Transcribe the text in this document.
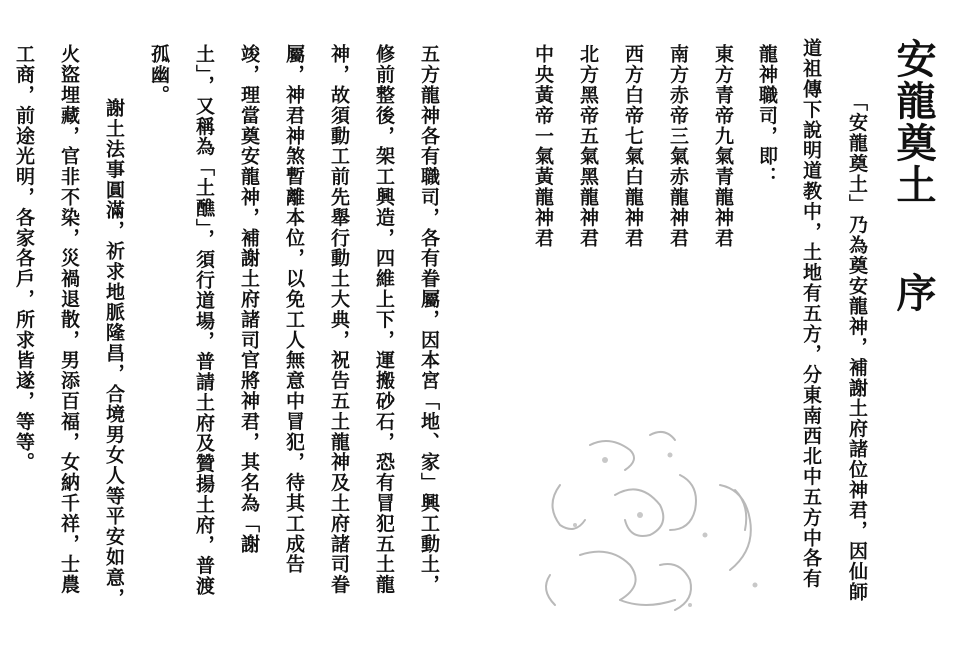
安龍奠土
序
「安龍奠土」乃為奠安龍神，補謝土府諸位神君，因仙師
道祖傳下說明道教中，土地有五方，分東南西北中五方中各有
龍神職司，即：
東方青帝九氣青龍神君
南方赤帝三氣赤龍神君
西方白帝七氣白龍神君
北方黑帝五氣黑龍神君
中央黃帝一氣黃龍神君
五方龍神各有職司，各有眷屬，因本宮「地、家」興工動土，
修前整後，架工興造，四維上下，運搬砂石，恐有冒犯五土龍
神，故須動工前先舉行動土大典，祝告五土龍神及土府諸司眷
屬，神君神煞暫離本位，以免工人無意中冒犯，待其工成告
竣，理當奠安龍神，補謝土府諸司官將神君，其名為「謝
土」，又稱為「土醮」，須行道場，普請土府及贊揚土府，普渡
孤幽。
謝土法事圓滿，祈求地脈隆昌，合境男女人等平安如意，
火盜埋藏，官非不染，災禍退散，男添百福，女納千祥，士農
工商，前途光明，各家各戶，所求皆遂，等等。
